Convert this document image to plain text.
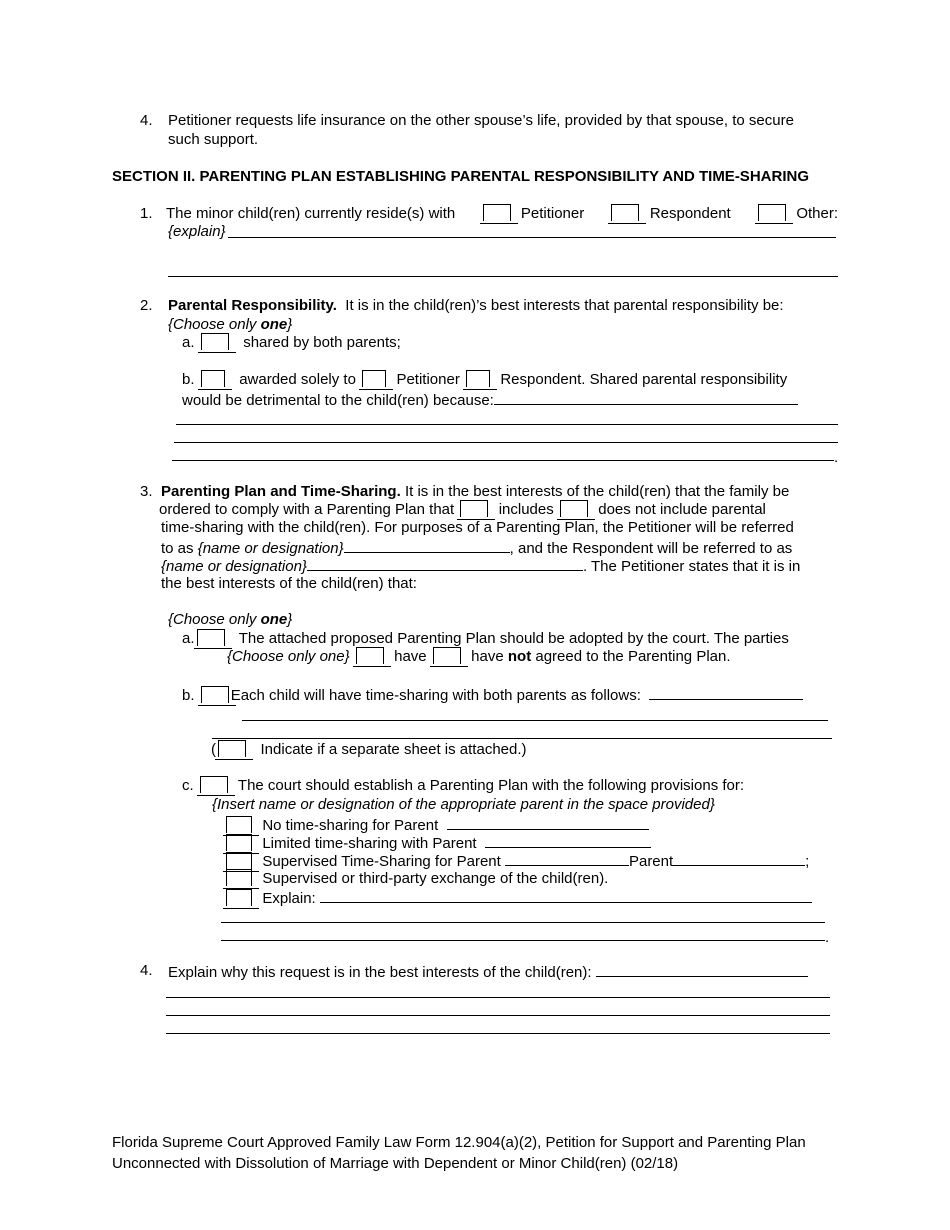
4. Petitioner requests life insurance on the other spouse’s life, provided by that spouse, to secure
such support.
SECTION II. PARENTING PLAN ESTABLISHING PARENTAL RESPONSIBILITY AND TIME-SHARING
1. The minor child(ren) currently reside(s) with	Petitioner	Respondent	Other:
{explain}
2. Parental Responsibility. It is in the child(ren)’s best interests that parental responsibility be:
{Choose only one}
a.	shared by both parents;
b.	awarded solely to	Petitioner	Respondent. Shared parental responsibility
would be detrimental to the child(ren) because:
.
3. Parenting Plan and Time-Sharing. It is in the best interests of the child(ren) that the family be
ordered to comply with a Parenting Plan that	includes	does not include parental
time-sharing with the child(ren). For purposes of a Parenting Plan, the Petitioner will be referred
to as {name or designation}	, and the Respondent will be referred to as
{name or designation}	. The Petitioner states that it is in
the best interests of the child(ren) that:
{Choose only one}
a.	The attached proposed Parenting Plan should be adopted by the court. The parties
{Choose only one}	have	have not agreed to the Parenting Plan.
b. Each child will have time-sharing with both parents as follows:
(	Indicate if a separate sheet is attached.)
c.	The court should establish a Parenting Plan with the following provisions for:
{Insert name or designation of the appropriate parent in the space provided}
No time-sharing for Parent
Limited time-sharing with Parent
Supervised Time-Sharing for Parent	Parent	;
Supervised or third-party exchange of the child(ren).
Explain:
.
4. Explain why this request is in the best interests of the child(ren):
Florida Supreme Court Approved Family Law Form 12.904(a)(2), Petition for Support and Parenting Plan
Unconnected with Dissolution of Marriage with Dependent or Minor Child(ren) (02/18)
